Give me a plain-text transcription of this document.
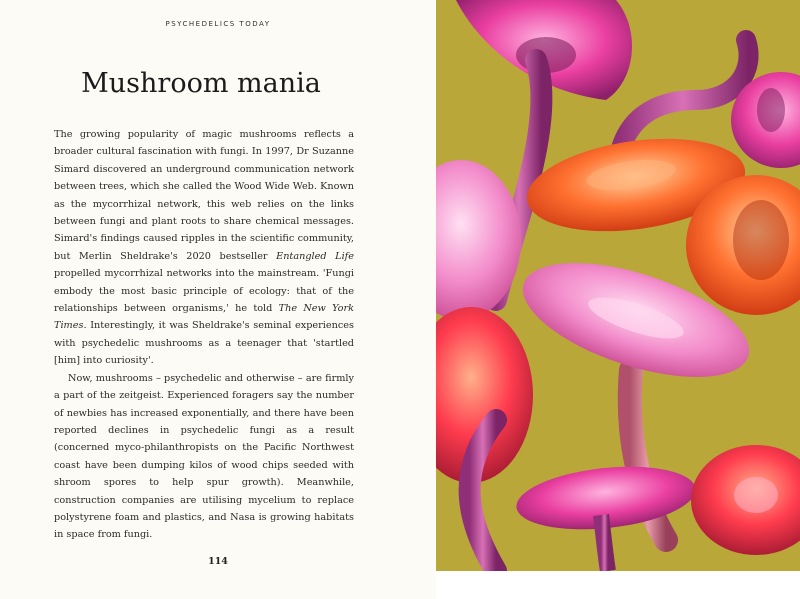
PSYCHEDELICS TODAY
Mushroom mania

The growing popularity of magic mushrooms reflects a broader cultural fascination with fungi. In 1997, Dr Suzanne Simard discovered an underground communication network between trees, which she called the Wood Wide Web. Known as the mycorrhizal network, this web relies on the links between fungi and plant roots to share chemical messages. Simard's findings caused ripples in the scientific community, but Merlin Sheldrake's 2020 bestseller Entangled Life propelled mycorrhizal networks into the mainstream. 'Fungi embody the most basic principle of ecology: that of the relationships between organisms,' he told The New York Times. Interestingly, it was Sheldrake's seminal experiences with psychedelic mushrooms as a teenager that 'startled [him] into curiosity'.

Now, mushrooms – psychedelic and otherwise – are firmly a part of the zeitgeist. Experienced foragers say the number of newbies has increased exponentially, and there have been reported declines in psychedelic fungi as a result (concerned myco-philanthropists on the Pacific Northwest coast have been dumping kilos of wood chips seeded with shroom spores to help spur growth). Meanwhile, construction companies are utilising mycelium to replace polystyrene foam and plastics, and Nasa is growing habitats in space from fungi.

114
